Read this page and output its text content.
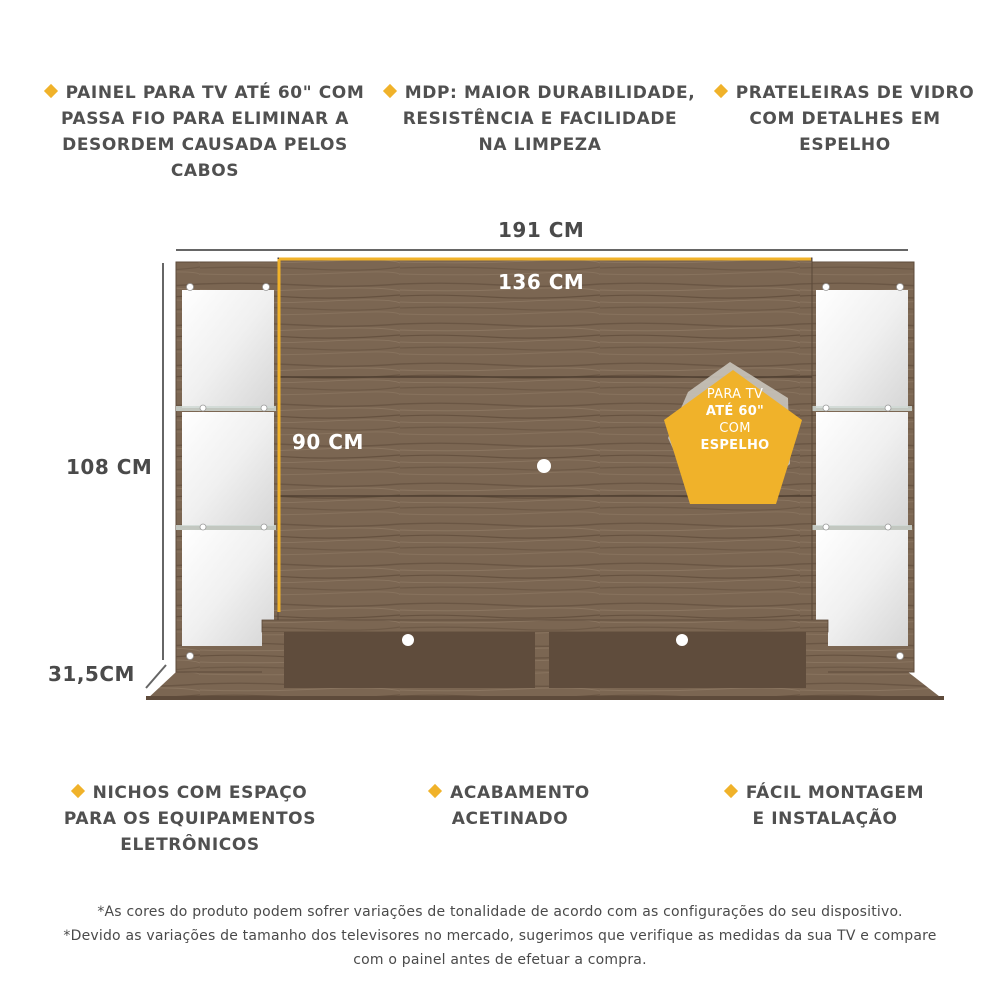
PAINEL PARA TV ATÉ 60" COM
PASSA FIO PARA ELIMINAR A
DESORDEM CAUSADA PELOS CABOS
MDP: MAIOR DURABILIDADE,
RESISTÊNCIA E FACILIDADE
NA LIMPEZA
PRATELEIRAS DE VIDRO
COM DETALHES EM
ESPELHO
191 CM
136 CM
90 CM
108 CM
31,5CM
PARA TV
ATÉ 60"
COM
ESPELHO
NICHOS COM ESPAÇO
PARA OS EQUIPAMENTOS
ELETRÔNICOS
ACABAMENTO
ACETINADO
FÁCIL MONTAGEM
E INSTALAÇÃO
*As cores do produto podem sofrer variações de tonalidade de acordo com as configurações do seu dispositivo.
*Devido as variações de tamanho dos televisores no mercado, sugerimos que verifique as medidas da sua TV e compare
com o painel antes de efetuar a compra.
